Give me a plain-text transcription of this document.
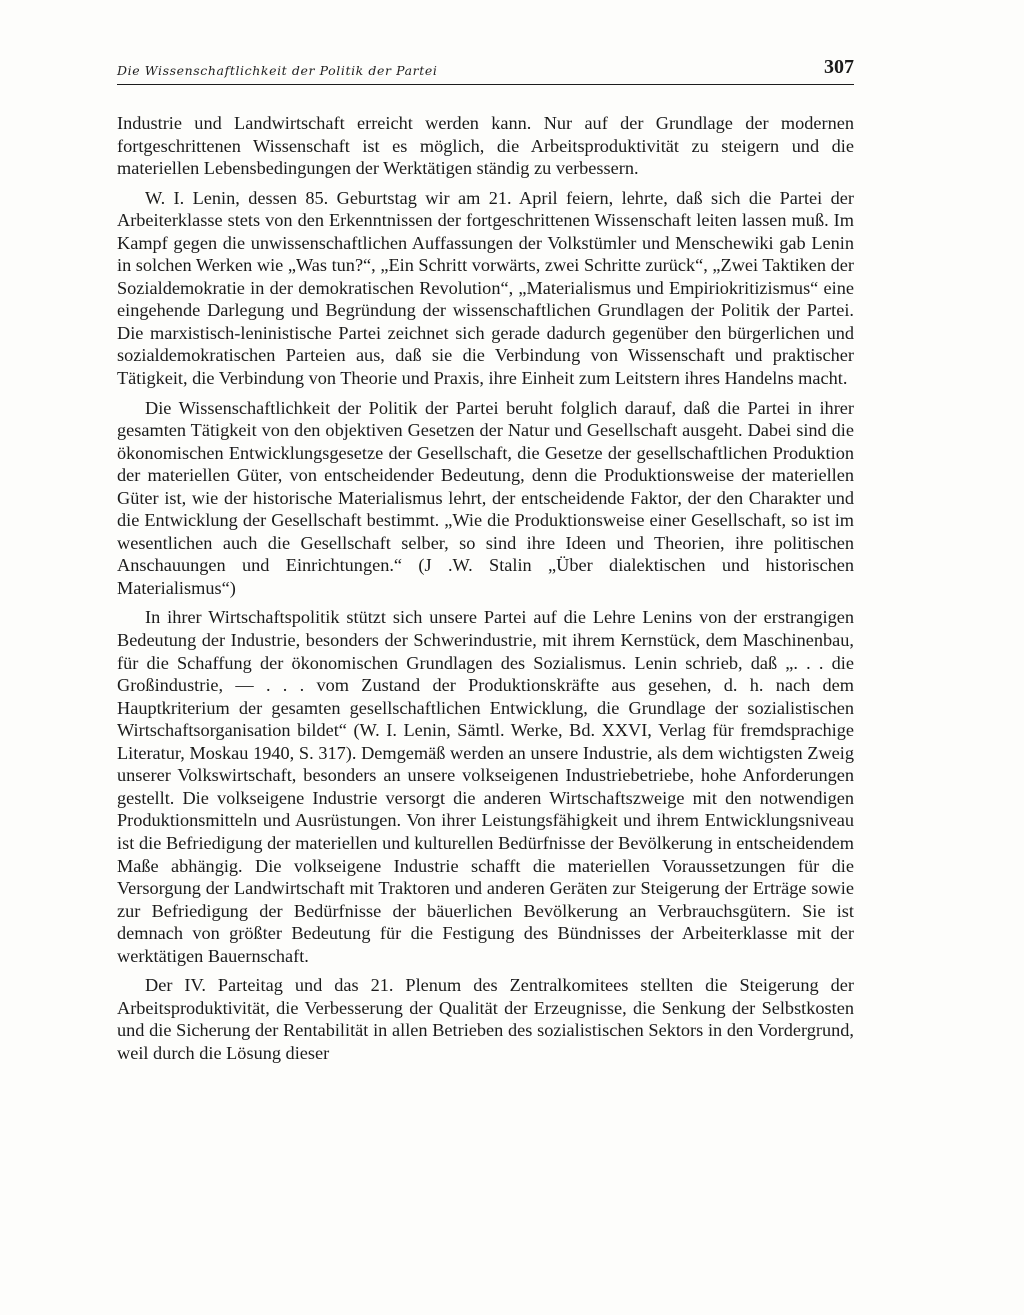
Die Wissenschaftlichkeit der Politik der Partei	307

Industrie und Landwirtschaft erreicht werden kann. Nur auf der Grundlage der modernen fortgeschrittenen Wissenschaft ist es möglich, die Arbeitsproduktivität zu steigern und die materiellen Lebensbedingungen der Werktätigen ständig zu verbessern.

W. I. Lenin, dessen 85. Geburtstag wir am 21. April feiern, lehrte, daß sich die Partei der Arbeiterklasse stets von den Erkenntnissen der fortgeschrittenen Wissenschaft leiten lassen muß. Im Kampf gegen die unwissenschaftlichen Auffassungen der Volkstümler und Menschewiki gab Lenin in solchen Werken wie „Was tun?“, „Ein Schritt vorwärts, zwei Schritte zurück“, „Zwei Taktiken der Sozialdemokratie in der demokratischen Revolution“, „Materialismus und Empiriokritizismus“ eine eingehende Darlegung und Begründung der wissenschaftlichen Grundlagen der Politik der Partei. Die marxistisch-leninistische Partei zeichnet sich gerade dadurch gegenüber den bürgerlichen und sozialdemokratischen Parteien aus, daß sie die Verbindung von Wissenschaft und praktischer Tätigkeit, die Verbindung von Theorie und Praxis, ihre Einheit zum Leitstern ihres Handelns macht.

Die Wissenschaftlichkeit der Politik der Partei beruht folglich darauf, daß die Partei in ihrer gesamten Tätigkeit von den objektiven Gesetzen der Natur und Gesellschaft ausgeht. Dabei sind die ökonomischen Entwicklungsgesetze der Gesellschaft, die Gesetze der gesellschaftlichen Produktion der materiellen Güter, von entscheidender Bedeutung, denn die Produktionsweise der materiellen Güter ist, wie der historische Materialismus lehrt, der entscheidende Faktor, der den Charakter und die Entwicklung der Gesellschaft bestimmt. „Wie die Produktionsweise einer Gesellschaft, so ist im wesentlichen auch die Gesellschaft selber, so sind ihre Ideen und Theorien, ihre politischen Anschauungen und Einrichtungen.“ (J .W. Stalin „Über dialektischen und historischen Materialismus“)

In ihrer Wirtschaftspolitik stützt sich unsere Partei auf die Lehre Lenins von der erstrangigen Bedeutung der Industrie, besonders der Schwerindustrie, mit ihrem Kernstück, dem Maschinenbau, für die Schaffung der ökonomischen Grundlagen des Sozialismus. Lenin schrieb, daß „. . . die Großindustrie, — . . . vom Zustand der Produktionskräfte aus gesehen, d. h. nach dem Hauptkriterium der gesamten gesellschaftlichen Entwicklung, die Grundlage der sozialistischen Wirtschaftsorganisation bildet“ (W. I. Lenin, Sämtl. Werke, Bd. XXVI, Verlag für fremdsprachige Literatur, Moskau 1940, S. 317). Demgemäß werden an unsere Industrie, als dem wichtigsten Zweig unserer Volkswirtschaft, besonders an unsere volkseigenen Industriebetriebe, hohe Anforderungen gestellt. Die volkseigene Industrie versorgt die anderen Wirtschaftszweige mit den notwendigen Produktionsmitteln und Ausrüstungen. Von ihrer Leistungsfähigkeit und ihrem Entwicklungsniveau ist die Befriedigung der materiellen und kulturellen Bedürfnisse der Bevölkerung in entscheidendem Maße abhängig. Die volkseigene Industrie schafft die materiellen Voraussetzungen für die Versorgung der Landwirtschaft mit Traktoren und anderen Geräten zur Steigerung der Erträge sowie zur Befriedigung der Bedürfnisse der bäuerlichen Bevölkerung an Verbrauchsgütern. Sie ist demnach von größter Bedeutung für die Festigung des Bündnisses der Arbeiterklasse mit der werktätigen Bauernschaft.

Der IV. Parteitag und das 21. Plenum des Zentralkomitees stellten die Steigerung der Arbeitsproduktivität, die Verbesserung der Qualität der Erzeugnisse, die Senkung der Selbstkosten und die Sicherung der Rentabilität in allen Betrieben des sozialistischen Sektors in den Vordergrund, weil durch die Lösung dieser
